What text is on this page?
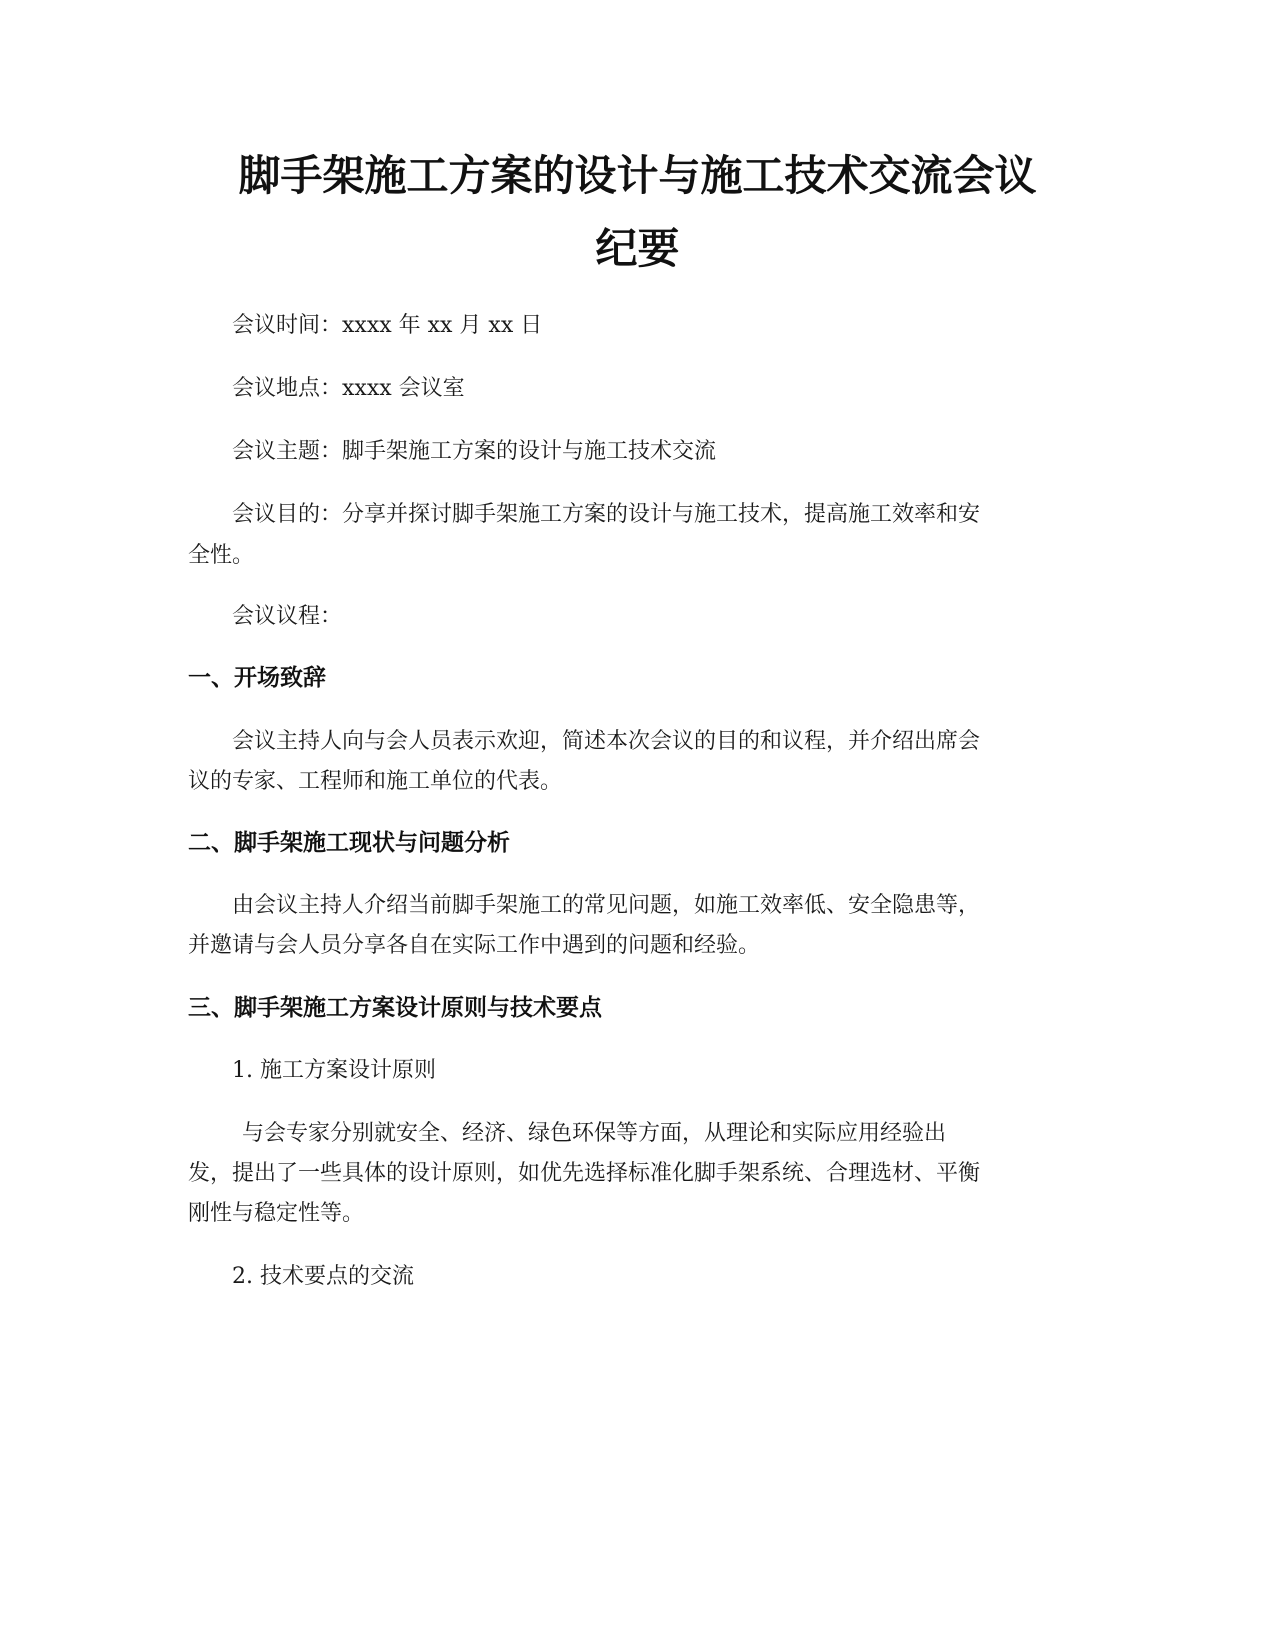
脚手架施工方案的设计与施工技术交流会议
纪要

会议时间：xxxx 年 xx 月 xx 日

会议地点：xxxx 会议室

会议主题：脚手架施工方案的设计与施工技术交流

会议目的：分享并探讨脚手架施工方案的设计与施工技术，提高施工效率和安

全性。

会议议程：

一、开场致辞

会议主持人向与会人员表示欢迎，简述本次会议的目的和议程，并介绍出席会

议的专家、工程师和施工单位的代表。

二、脚手架施工现状与问题分析

由会议主持人介绍当前脚手架施工的常见问题，如施工效率低、安全隐患等，

并邀请与会人员分享各自在实际工作中遇到的问题和经验。

三、脚手架施工方案设计原则与技术要点

1. 施工方案设计原则

与会专家分别就安全、经济、绿色环保等方面，从理论和实际应用经验出

发，提出了一些具体的设计原则，如优先选择标准化脚手架系统、合理选材、平衡

刚性与稳定性等。

2. 技术要点的交流
